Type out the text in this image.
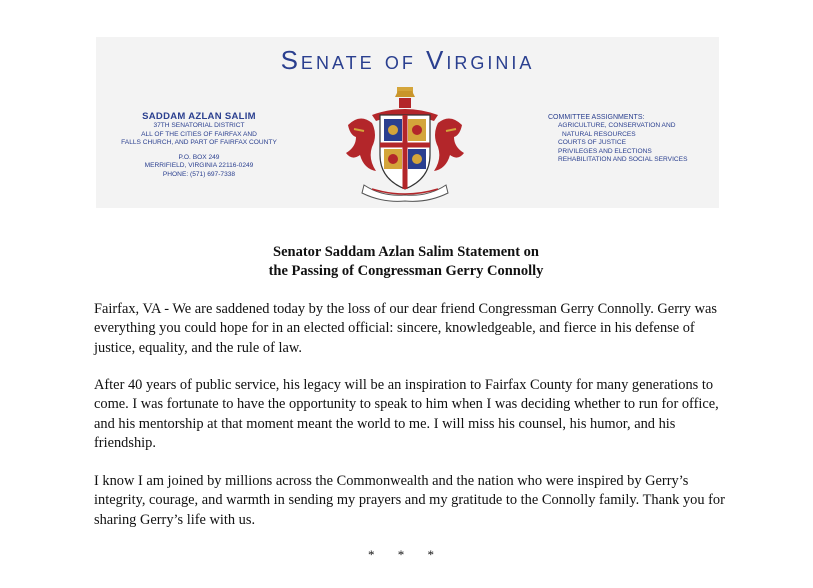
Senate of Virginia
SADDAM AZLAN SALIM
37TH SENATORIAL DISTRICT
ALL OF THE CITIES OF FAIRFAX AND
FALLS CHURCH, AND PART OF FAIRFAX COUNTY
P.O. BOX 249
MERRIFIELD, VIRGINIA 22116-0249
PHONE: (571) 697-7338
COMMITTEE ASSIGNMENTS:
AGRICULTURE, CONSERVATION AND
NATURAL RESOURCES
COURTS OF JUSTICE
PRIVILEGES AND ELECTIONS
REHABILITATION AND SOCIAL SERVICES
Senator Saddam Azlan Salim Statement on
the Passing of Congressman Gerry Connolly

Fairfax, VA - We are saddened today by the loss of our dear friend Congressman Gerry Connolly. Gerry was everything you could hope for in an elected official: sincere, knowledgeable, and fierce in his defense of justice, equality, and the rule of law.

After 40 years of public service, his legacy will be an inspiration to Fairfax County for many generations to come. I was fortunate to have the opportunity to speak to him when I was deciding whether to run for office, and his mentorship at that moment meant the world to me. I will miss his counsel, his humor, and his friendship.

I know I am joined by millions across the Commonwealth and the nation who were inspired by Gerry’s integrity, courage, and warmth in sending my prayers and my gratitude to the Connolly family. Thank you for sharing Gerry’s life with us.

* * *
